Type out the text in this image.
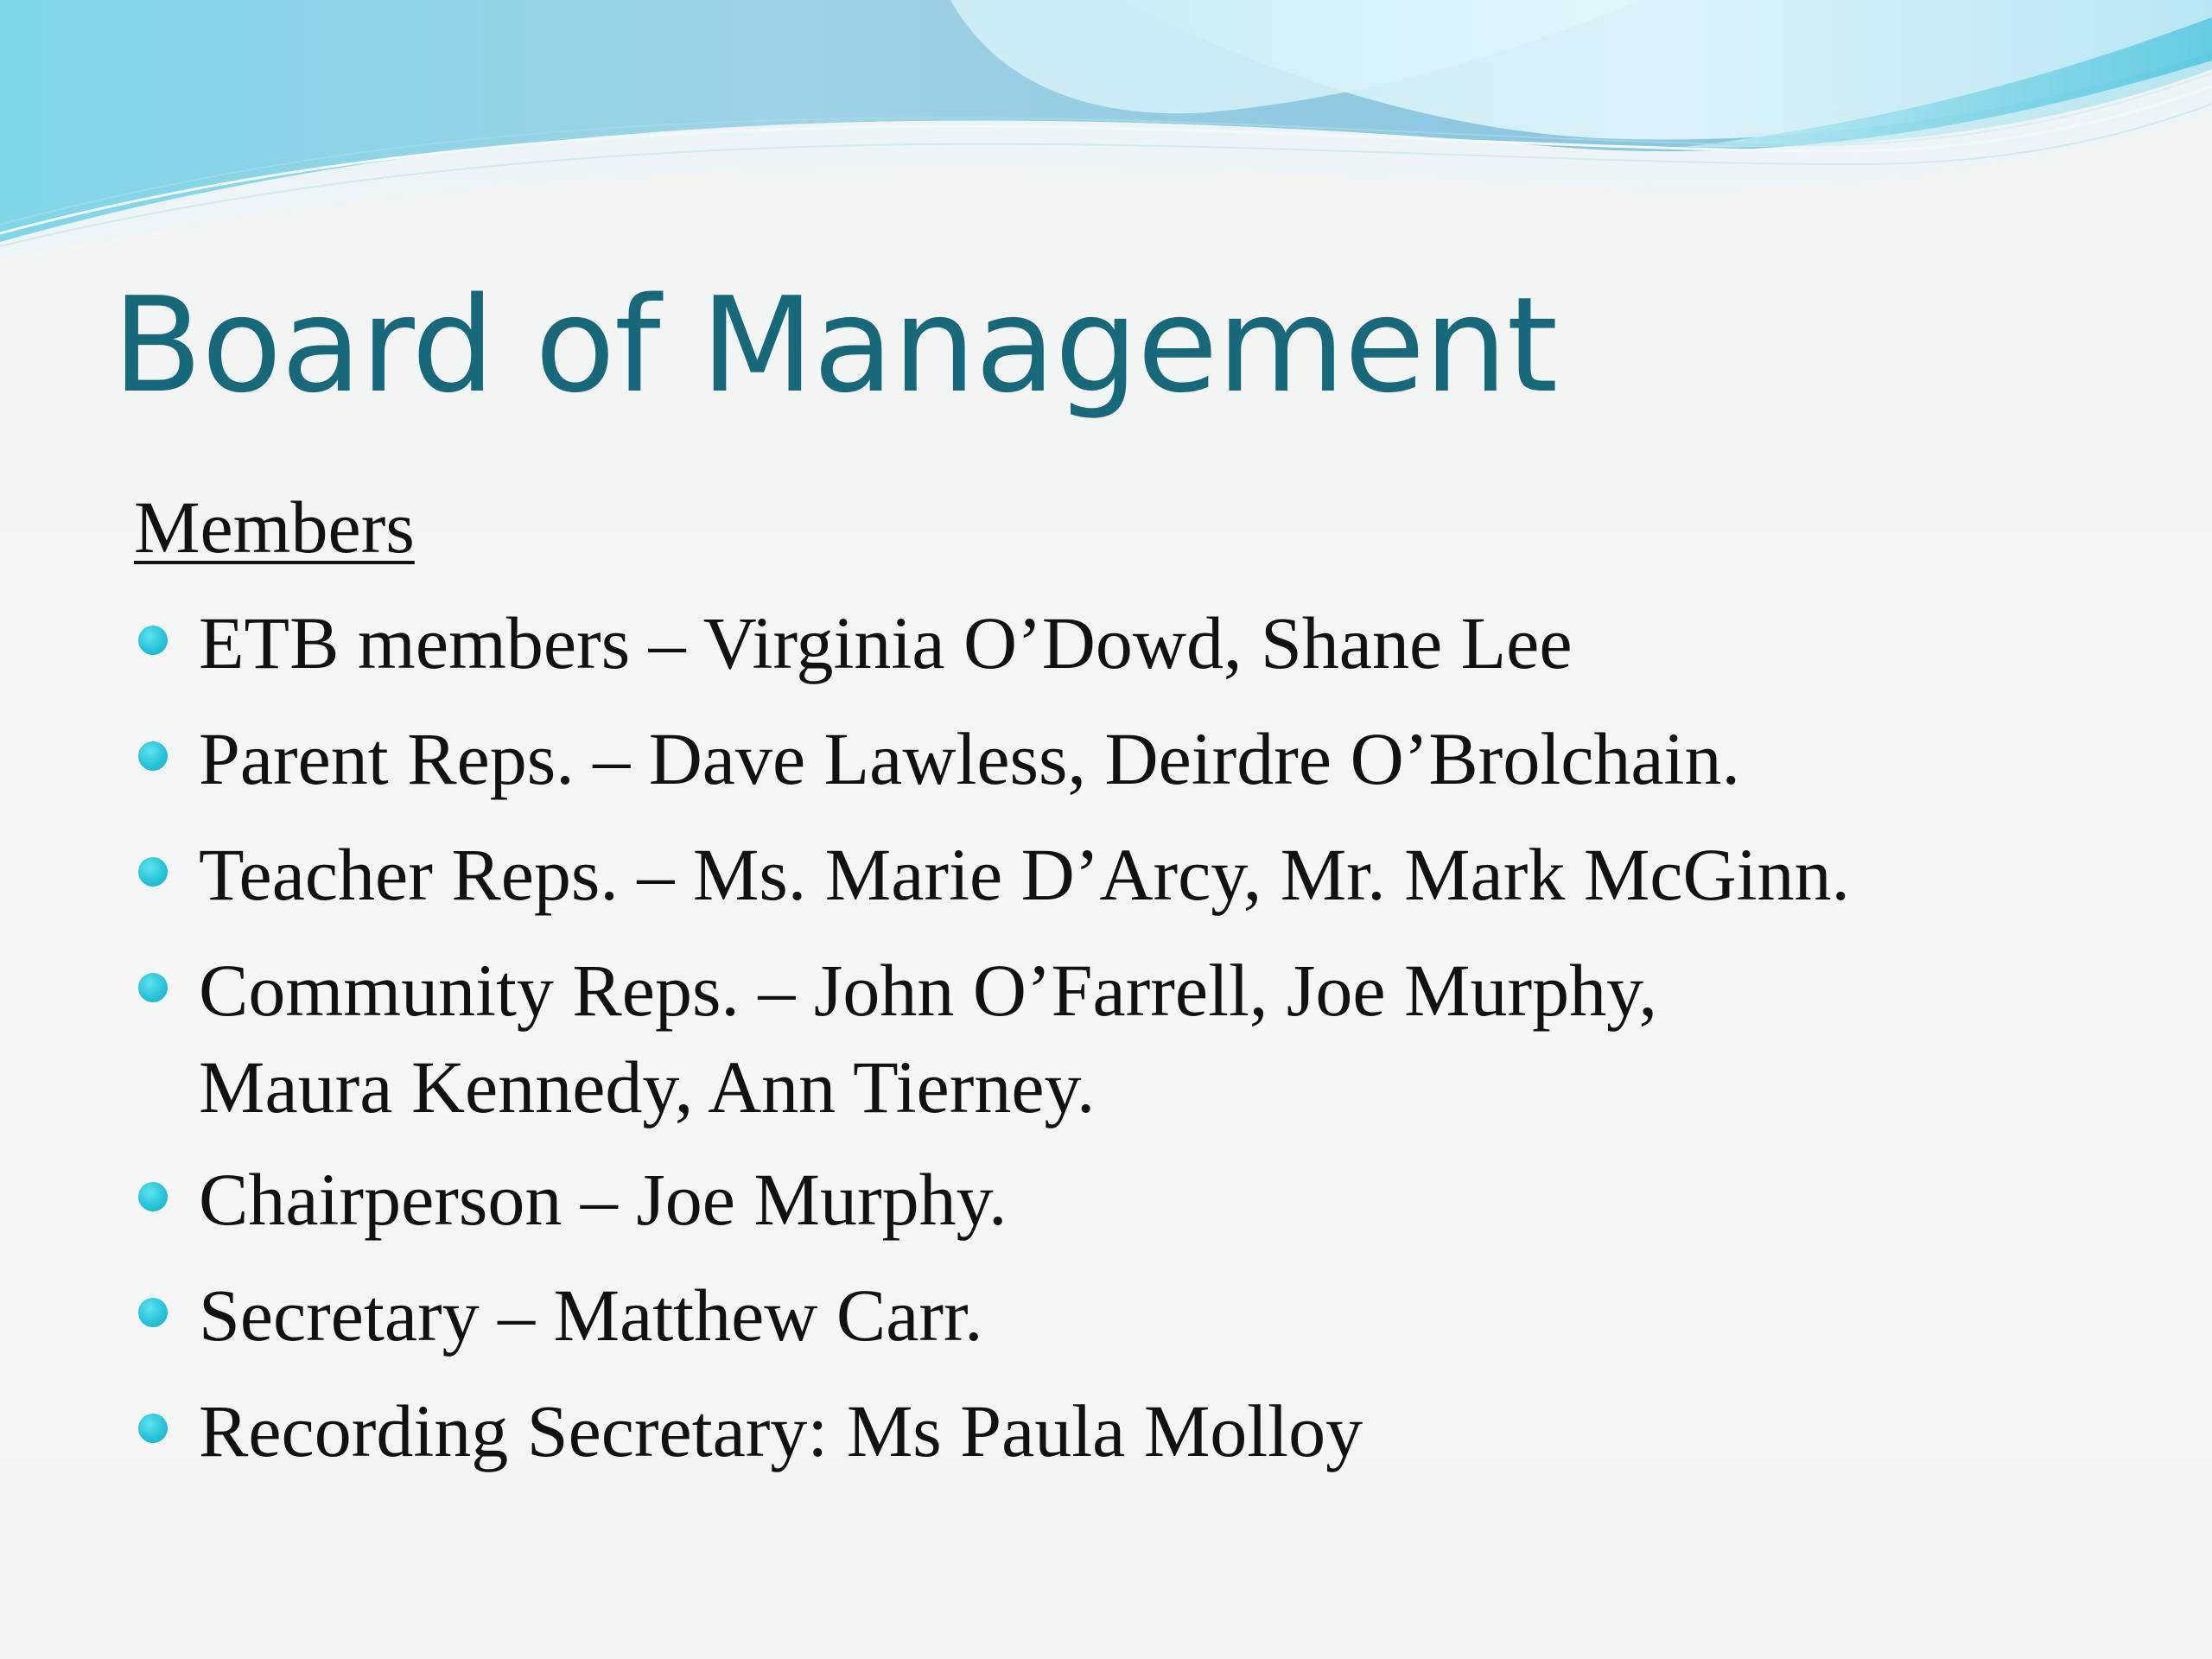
Board of Management
Members
ETB members – Virginia O’Dowd, Shane Lee
Parent Reps. – Dave Lawless, Deirdre O’Brolchain.
Teacher Reps. – Ms. Marie D’Arcy, Mr. Mark McGinn.
Community Reps. – John O’Farrell, Joe Murphy,
Maura Kennedy, Ann Tierney.
Chairperson – Joe Murphy.
Secretary – Matthew Carr.
Recording Secretary: Ms Paula Molloy
